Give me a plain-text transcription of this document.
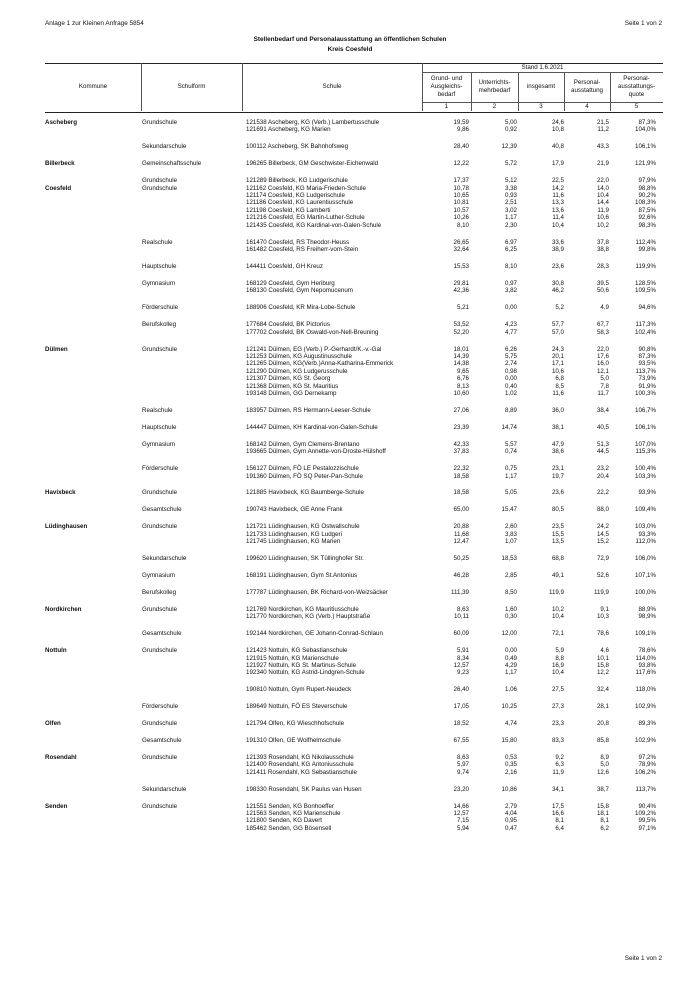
Anlage 1 zur Kleinen Anfrage 5854	Seite 1 von 2
Stellenbedarf und Personalausstattung an öffentlichen Schulen
Kreis Coesfeld
Stand 1.6.2021
Kommune	Schulform	Schule
Grund- und
Ausgleichs-
bedarf
Unterrichts-
mehrbedarf
insgesamt
Personal-
ausstattung
Personal-
ausstattungs-
quote
1	2	3	4	5
Ascheberg	Grundschule	121538 Ascheberg, KG (Verb.) Lambertusschule	19,59	5,00	24,6	21,5	87,3%
121691 Ascheberg, KG Marien	9,86	0,92	10,8	11,2	104,0%
Sekundarschule	100112 Ascheberg, SK Bahnhofsweg	28,40	12,39	40,8	43,3	106,1%
Billerbeck	Gemeinschaftsschule	196265 Billerbeck, GM Geschwister-Eichenwald	12,22	5,72	17,9	21,9	121,9%
Grundschule	121289 Billerbeck, KG Ludgerischule	17,37	5,12	22,5	22,0	97,9%
Coesfeld	Grundschule	121162 Coesfeld, KG Maria-Frieden-Schule	10,78	3,38	14,2	14,0	98,8%
121174 Coesfeld, KG Ludgerischule	10,65	0,93	11,6	10,4	90,2%
121186 Coesfeld, KG Laurentiusschule	10,81	2,51	13,3	14,4	108,3%
121198 Coesfeld, KG Lamberti	10,57	3,02	13,6	11,9	87,5%
121216 Coesfeld, EG Martin-Luther-Schule	10,26	1,17	11,4	10,6	92,6%
121435 Coesfeld, KG Kardinal-von-Galen-Schule	8,10	2,30	10,4	10,2	98,3%
Realschule	161470 Coesfeld, RS Theodor-Heuss	26,65	6,97	33,6	37,8	112,4%
161482 Coesfeld, RS Freiherr-vom-Stein	32,64	6,25	38,9	38,8	99,8%
Hauptschule	144411 Coesfeld, GH Kreuz	15,53	8,10	23,6	28,3	119,9%
Gymnasium	168129 Coesfeld, Gym Heriburg	29,81	0,97	30,8	39,5	128,5%
168130 Coesfeld, Gym Nepomucenum	42,36	3,82	46,2	50,6	109,5%
Förderschule	188906 Coesfeld, KR Mira-Lobe-Schule	5,21	0,00	5,2	4,9	94,6%
Berufskolleg	177684 Coesfeld, BK Pictorius	53,52	4,23	57,7	67,7	117,3%
177702 Coesfeld, BK Oswald-von-Nell-Breuning	52,20	4,77	57,0	58,3	102,4%
Dülmen	Grundschule	121241 Dülmen, EG (Verb.) P.-Gerhardt/K.-v.-Gal	18,01	6,26	24,3	22,0	90,8%
121253 Dülmen, KG Augustinusschule	14,39	5,75	20,1	17,6	87,3%
121265 Dülmen, KG(Verb.)Anna-Katharina-Emmerick	14,38	2,74	17,1	16,0	93,5%
121290 Dülmen, KG Ludgerusschule	9,65	0,98	10,6	12,1	113,7%
121307 Dülmen, KG St. Georg	6,76	0,00	6,8	5,0	73,9%
121368 Dülmen, KG St. Mauritius	8,13	0,40	8,5	7,8	91,9%
193148 Dülmen, GG Dernekamp	10,60	1,02	11,6	11,7	100,3%
Realschule	183957 Dülmen, RS Hermann-Leeser-Schule	27,06	8,89	36,0	38,4	106,7%
Hauptschule	144447 Dülmen, KH Kardinal-von-Galen-Schule	23,39	14,74	38,1	40,5	106,1%
Gymnasium	168142 Dülmen, Gym Clemens-Brentano	42,33	5,57	47,9	51,3	107,0%
193665 Dülmen, Gym Annette-von-Droste-Hülshoff	37,83	0,74	38,6	44,5	115,3%
Förderschule	156127 Dülmen, FÖ LE Pestalozzischule	22,32	0,75	23,1	23,2	100,4%
191360 Dülmen, FÖ SQ Peter-Pan-Schule	18,58	1,17	19,7	20,4	103,3%
Havixbeck	Grundschule	121885 Havixbeck, KG Baumberge-Schule	18,58	5,05	23,6	22,2	93,9%
Gesamtschule	190743 Havixbeck, GE Anne Frank	65,00	15,47	80,5	88,0	109,4%
Lüdinghausen	Grundschule	121721 Lüdinghausen, KG Ostwallschule	20,88	2,60	23,5	24,2	103,0%
121733 Lüdinghausen, KG Ludgeri	11,68	3,83	15,5	14,5	93,3%
121745 Lüdinghausen, KG Marien	12,47	1,07	13,5	15,2	112,0%
Sekundarschule	199620 Lüdinghausen, SK Tüllinghofer Str.	50,25	18,53	68,8	72,9	106,0%
Gymnasium	168191 Lüdinghausen, Gym St.Antonius	46,28	2,85	49,1	52,6	107,1%
Berufskolleg	177787 Lüdinghausen, BK Richard-von-Weizsäcker	111,39	8,50	119,9	119,9	100,0%
Nordkirchen	Grundschule	121769 Nordkirchen, KG Mauritiusschule	8,63	1,60	10,2	9,1	88,9%
121770 Nordkirchen, KG (Verb.) Hauptstraße	10,11	0,30	10,4	10,3	98,9%
Gesamtschule	192144 Nordkirchen, GE Johann-Conrad-Schlaun	60,09	12,00	72,1	78,6	109,1%
Nottuln	Grundschule	121423 Nottuln, KG Sebastianschule	5,91	0,00	5,9	4,6	78,6%
121915 Nottuln, KG Marienschule	8,34	0,49	8,8	10,1	114,0%
121927 Nottuln, KG St. Martinus-Schule	12,57	4,29	16,9	15,8	93,8%
192340 Nottuln, KG Astrid-Lindgren-Schule	9,23	1,17	10,4	12,2	117,6%
190810 Nottuln, Gym Rupert-Neudeck	26,40	1,06	27,5	32,4	118,0%
Förderschule	189649 Nottuln, FÖ ES Steverschule	17,05	10,25	27,3	28,1	102,9%
Olfen	Grundschule	121794 Olfen, KG Wieschhofschule	18,52	4,74	23,3	20,8	89,3%
Gesamtschule	191310 Olfen, GE Wolfhelmschule	67,55	15,80	83,3	85,8	102,9%
Rosendahl	Grundschule	121393 Rosendahl, KG Nikolausschule	8,63	0,53	9,2	8,9	97,2%
121400 Rosendahl, KG Antoniusschule	5,97	0,35	6,3	5,0	78,9%
121411 Rosendahl, KG Sebastianschule	9,74	2,16	11,9	12,6	106,2%
Sekundarschule	198330 Rosendahl, SK Paulus van Husen	23,20	10,86	34,1	38,7	113,7%
Senden	Grundschule	121551 Senden, KG Bonhoeffer	14,66	2,79	17,5	15,8	90,4%
121563 Senden, KG Marienschule	12,57	4,04	16,6	18,1	109,2%
121800 Senden, KG Davert	7,15	0,95	8,1	8,1	99,5%
185462 Senden, GG Bösensell	5,94	0,47	6,4	6,2	97,1%
Seite 1 von 2
